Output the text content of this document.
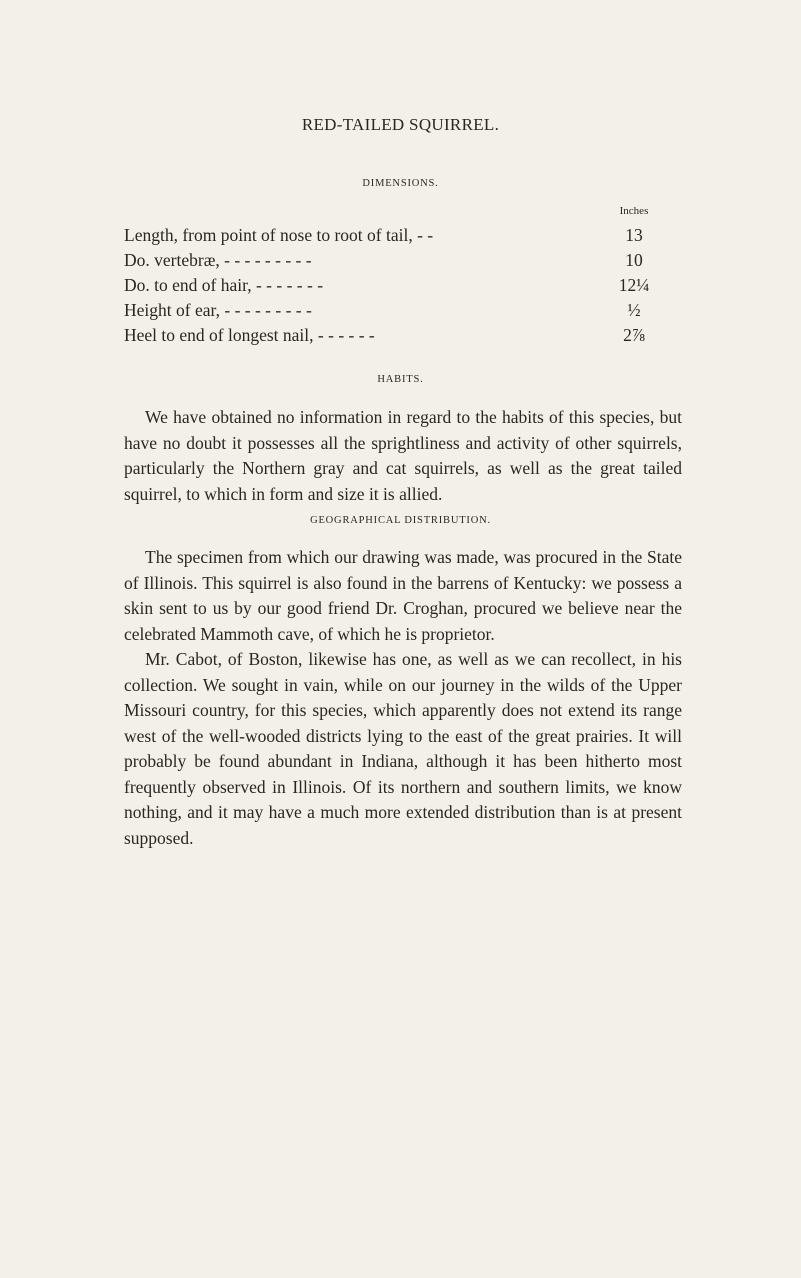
RED-TAILED SQUIRREL.
DIMENSIONS.
Inches
Length, from point of nose to root of tail, - -	13
Do. vertebræ, - - - - - - - - -	10
Do. to end of hair, - - - - - - -	12¼
Height of ear, - - - - - - - - -	½
Heel to end of longest nail, - - - - - -	2⅞
HABITS.

We have obtained no information in regard to the habits of this species, but have no doubt it possesses all the sprightliness and activity of other squirrels, particularly the Northern gray and cat squirrels, as well as the great tailed squirrel, to which in form and size it is allied.

GEOGRAPHICAL DISTRIBUTION.

The specimen from which our drawing was made, was procured in the State of Illinois. This squirrel is also found in the barrens of Kentucky: we possess a skin sent to us by our good friend Dr. Croghan, procured we believe near the celebrated Mammoth cave, of which he is proprietor.

Mr. Cabot, of Boston, likewise has one, as well as we can recollect, in his collection. We sought in vain, while on our journey in the wilds of the Upper Missouri country, for this species, which apparently does not extend its range west of the well-wooded districts lying to the east of the great prairies. It will probably be found abundant in Indiana, although it has been hitherto most frequently observed in Illinois. Of its northern and southern limits, we know nothing, and it may have a much more extended distribution than is at present supposed.
